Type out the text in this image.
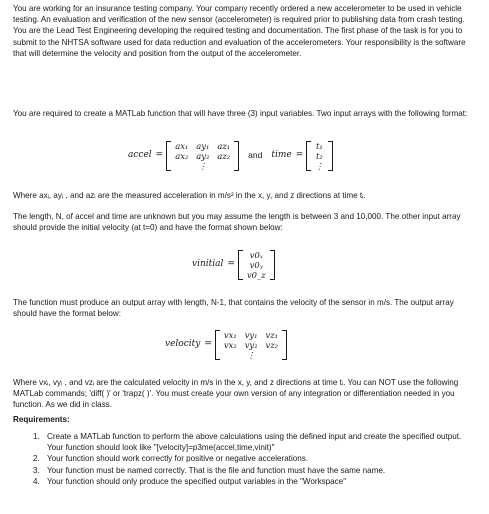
You are working for an insurance testing company. Your company recently ordered a new accelerometer to be used in vehicle testing. An evaluation and verification of the new sensor (accelerometer) is required prior to publishing data from crash testing. You are the Lead Test Engineering developing the required testing and documentation. The first phase of the task is for you to submit to the NHTSA software used for data reduction and evaluation of the accelerometers. Your responsibility is the software that will determine the velocity and position from the output of the accelerometer.

You are required to create a MATLab function that will have three (3) input variables. Two input arrays with the following format:

accel =
ax₁ ay₁ az₁
ax₂ ay₂ az₂
⋮
and time =
t₁
t₂
⋮

Where axᵢ, ayᵢ , and azᵢ are the measured acceleration in m/s² in the x, y, and z directions at time tᵢ.

The length, N, of accel and time are unknown but you may assume the length is between 3 and 10,000. The other input array should provide the initial velocity (at t=0) and have the format shown below:

vinitial =
v0ₓ
v0ᵧ
v0_z

The function must produce an output array with length, N-1, that contains the velocity of the sensor in m/s. The output array should have the format below:

velocity =
vx₁ vy₁ vz₁
vx₂ vy₂ vz₂
⋮

Where vxᵢ, vyᵢ , and vzᵢ are the calculated velocity in m/s in the x, y, and z directions at time tᵢ. You can NOT use the following MATLab commands; 'diff( )' or 'trapz( )'. You must create your own version of any integration or differentiation needed in you function. As we did in class.

Requirements:

1. Create a MATLab function to perform the above calculations using the defined input and create the specified output. Your function should look like "[velocity]=p3me(accel,time,vinit)"
2. Your function should work correctly for positive or negative accelerations.
3. Your function must be named correctly. That is the file and function must have the same name.
4. Your function should only produce the specified output variables in the "Workspace"
